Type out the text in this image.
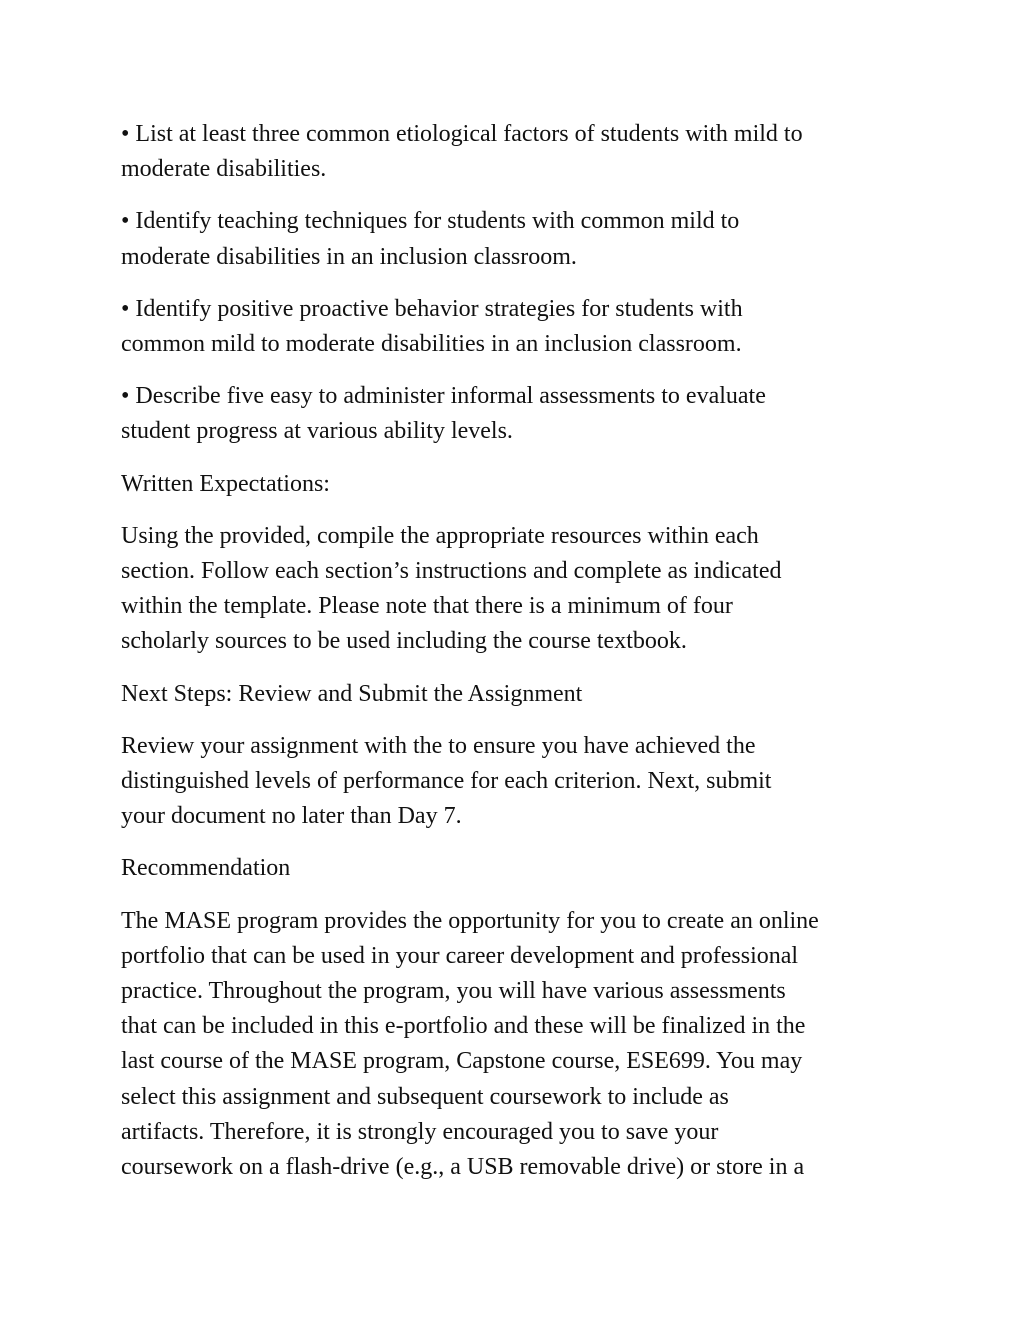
• List at least three common etiological factors of students with mild to
moderate disabilities.

• Identify teaching techniques for students with common mild to
moderate disabilities in an inclusion classroom.

• Identify positive proactive behavior strategies for students with
common mild to moderate disabilities in an inclusion classroom.

• Describe five easy to administer informal assessments to evaluate
student progress at various ability levels.

Written Expectations:

Using the provided, compile the appropriate resources within each
section. Follow each section’s instructions and complete as indicated
within the template. Please note that there is a minimum of four
scholarly sources to be used including the course textbook.

Next Steps: Review and Submit the Assignment

Review your assignment with the to ensure you have achieved the
distinguished levels of performance for each criterion. Next, submit
your document no later than Day 7.

Recommendation

The MASE program provides the opportunity for you to create an online
portfolio that can be used in your career development and professional
practice. Throughout the program, you will have various assessments
that can be included in this e-portfolio and these will be finalized in the
last course of the MASE program, Capstone course, ESE699. You may
select this assignment and subsequent coursework to include as
artifacts. Therefore, it is strongly encouraged you to save your
coursework on a flash-drive (e.g., a USB removable drive) or store in a
